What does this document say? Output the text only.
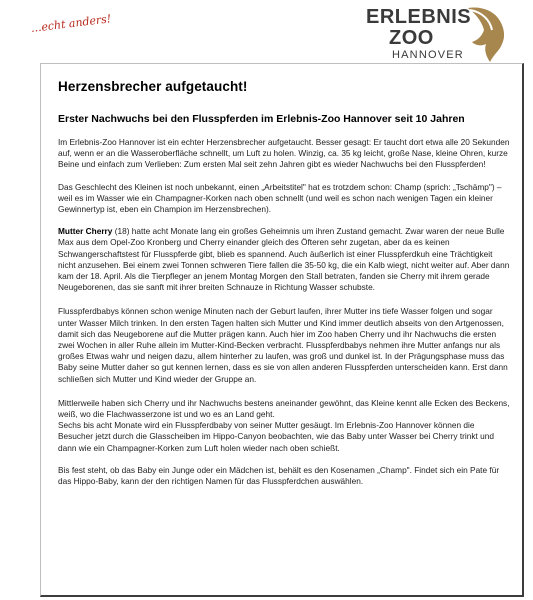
...echt anders!	ERLEBNIS
ZOO
HANNOVER
Herzensbrecher aufgetaucht!
Erster Nachwuchs bei den Flusspferden im Erlebnis-Zoo Hannover seit 10 Jahren

Im Erlebnis-Zoo Hannover ist ein echter Herzensbrecher aufgetaucht. Besser gesagt: Er taucht dort etwa alle 20 Sekunden auf, wenn er an die Wasseroberfläche schnellt, um Luft zu holen. Winzig, ca. 35 kg leicht, große Nase, kleine Ohren, kurze Beine und einfach zum Verlieben: Zum ersten Mal seit zehn Jahren gibt es wieder Nachwuchs bei den Flusspferden!

Das Geschlecht des Kleinen ist noch unbekannt, einen „Arbeitstitel" hat es trotzdem schon: Champ (sprich: „Tschämp") – weil es im Wasser wie ein Champagner-Korken nach oben schnellt (und weil es schon nach wenigen Tagen ein kleiner Gewinnertyp ist, eben ein Champion im Herzensbrechen).

Mutter Cherry (18) hatte acht Monate lang ein großes Geheimnis um ihren Zustand gemacht. Zwar waren der neue Bulle Max aus dem Opel-Zoo Kronberg und Cherry einander gleich des Öfteren sehr zugetan, aber da es keinen Schwangerschaftstest für Flusspferde gibt, blieb es spannend. Auch äußerlich ist einer Flusspferdkuh eine Trächtigkeit nicht anzusehen. Bei einem zwei Tonnen schweren Tiere fallen die 35-50 kg, die ein Kalb wiegt, nicht weiter auf. Aber dann kam der 18. April. Als die Tierpfleger an jenem Montag Morgen den Stall betraten, fanden sie Cherry mit ihrem gerade Neugeborenen, das sie sanft mit ihrer breiten Schnauze in Richtung Wasser schubste.

Flusspferdbabys können schon wenige Minuten nach der Geburt laufen, ihrer Mutter ins tiefe Wasser folgen und sogar unter Wasser Milch trinken. In den ersten Tagen halten sich Mutter und Kind immer deutlich abseits von den Artgenossen, damit sich das Neugeborene auf die Mutter prägen kann. Auch hier im Zoo haben Cherry und ihr Nachwuchs die ersten zwei Wochen in aller Ruhe allein im Mutter-Kind-Becken verbracht. Flusspferdbabys nehmen ihre Mutter anfangs nur als großes Etwas wahr und neigen dazu, allem hinterher zu laufen, was groß und dunkel ist. In der Prägungsphase muss das Baby seine Mutter daher so gut kennen lernen, dass es sie von allen anderen Flusspferden unterscheiden kann. Erst dann schließen sich Mutter und Kind wieder der Gruppe an.

Mittlerweile haben sich Cherry und ihr Nachwuchs bestens aneinander gewöhnt, das Kleine kennt alle Ecken des Beckens, weiß, wo die Flachwasserzone ist und wo es an Land geht.

Sechs bis acht Monate wird ein Flusspferdbaby von seiner Mutter gesäugt. Im Erlebnis-Zoo Hannover können die Besucher jetzt durch die Glasscheiben im Hippo-Canyon beobachten, wie das Baby unter Wasser bei Cherry trinkt und dann wie ein Champagner-Korken zum Luft holen wieder nach oben schießt.

Bis fest steht, ob das Baby ein Junge oder ein Mädchen ist, behält es den Kosenamen „Champ". Findet sich ein Pate für das Hippo-Baby, kann der den richtigen Namen für das Flusspferdchen auswählen.
